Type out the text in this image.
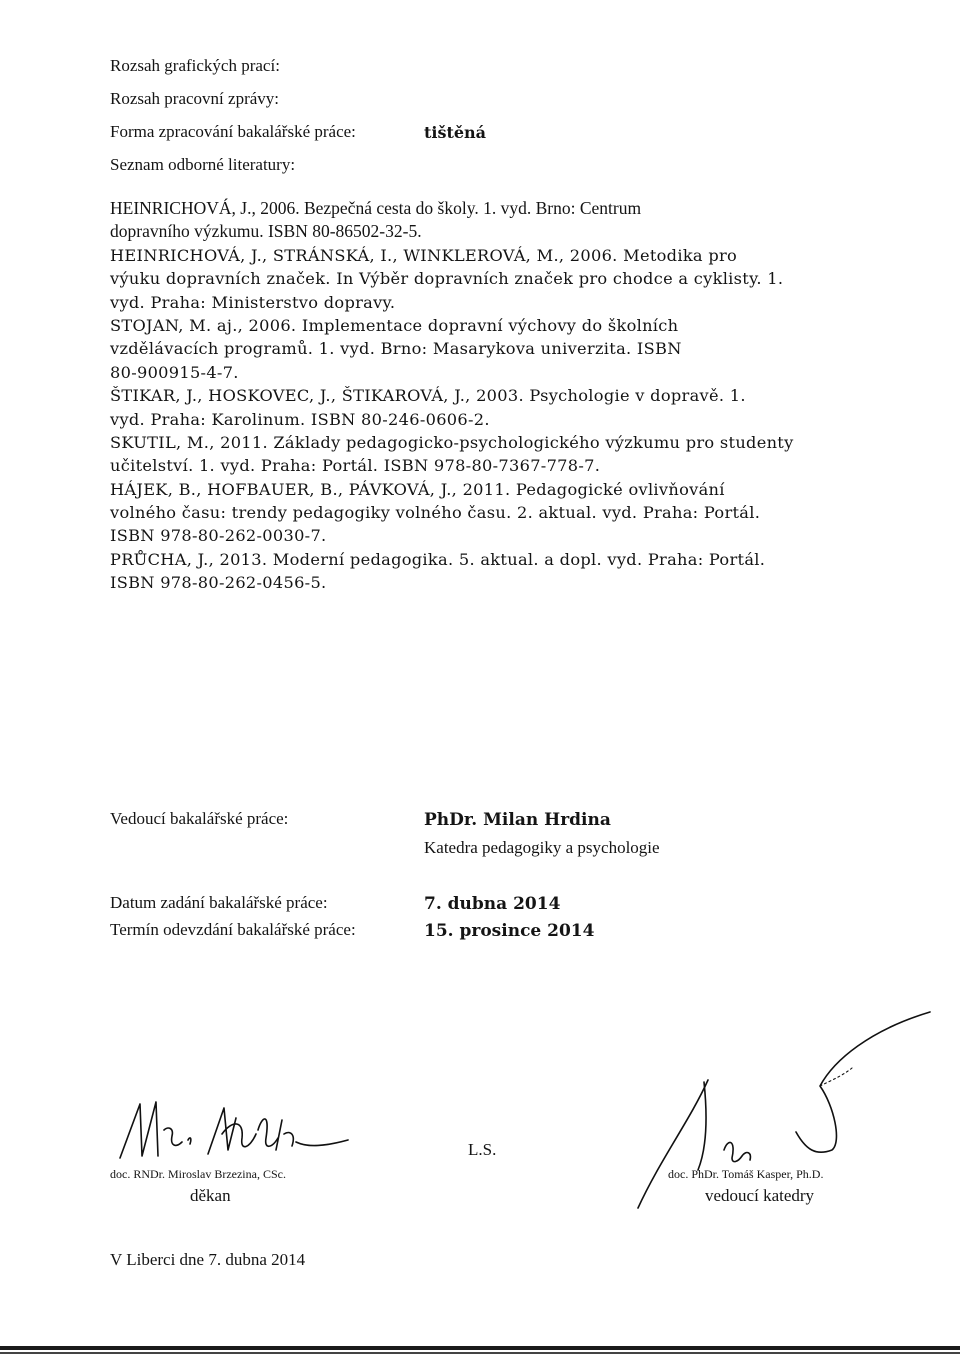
Rozsah grafických prací:
Rozsah pracovní zprávy:
Forma zpracování bakalářské práce:	tištěná
Seznam odborné literatury:
HEINRICHOVÁ, J., 2006. Bezpečná cesta do školy. 1. vyd. Brno: Centrum
dopravního výzkumu. ISBN 80-86502-32-5.
HEINRICHOVÁ, J., STRÁNSKÁ, I., WINKLEROVÁ, M., 2006. Metodika pro
výuku dopravních značek. In Výběr dopravních značek pro chodce a cyklisty. 1.
vyd. Praha: Ministerstvo dopravy.
STOJAN, M. aj., 2006. Implementace dopravní výchovy do školních
vzdělávacích programů. 1. vyd. Brno: Masarykova univerzita. ISBN
80-900915-4-7.
ŠTIKAR, J., HOSKOVEC, J., ŠTIKAROVÁ, J., 2003. Psychologie v dopravě. 1.
vyd. Praha: Karolinum. ISBN 80-246-0606-2.
SKUTIL, M., 2011. Základy pedagogicko-psychologického výzkumu pro studenty
učitelství. 1. vyd. Praha: Portál. ISBN 978-80-7367-778-7.
HÁJEK, B., HOFBAUER, B., PÁVKOVÁ, J., 2011. Pedagogické ovlivňování
volného času: trendy pedagogiky volného času. 2. aktual. vyd. Praha: Portál.
ISBN 978-80-262-0030-7.
PRŮCHA, J., 2013. Moderní pedagogika. 5. aktual. a dopl. vyd. Praha: Portál.
ISBN 978-80-262-0456-5.
Vedoucí bakalářské práce:	PhDr. Milan Hrdina
Katedra pedagogiky a psychologie
Datum zadání bakalářské práce:	7. dubna 2014
Termín odevzdání bakalářské práce:	15. prosince 2014
doc. RNDr. Miroslav Brzezina, CSc.
děkan
L.S.
doc. PhDr. Tomáš Kasper, Ph.D.
vedoucí katedry
V Liberci dne 7. dubna 2014
